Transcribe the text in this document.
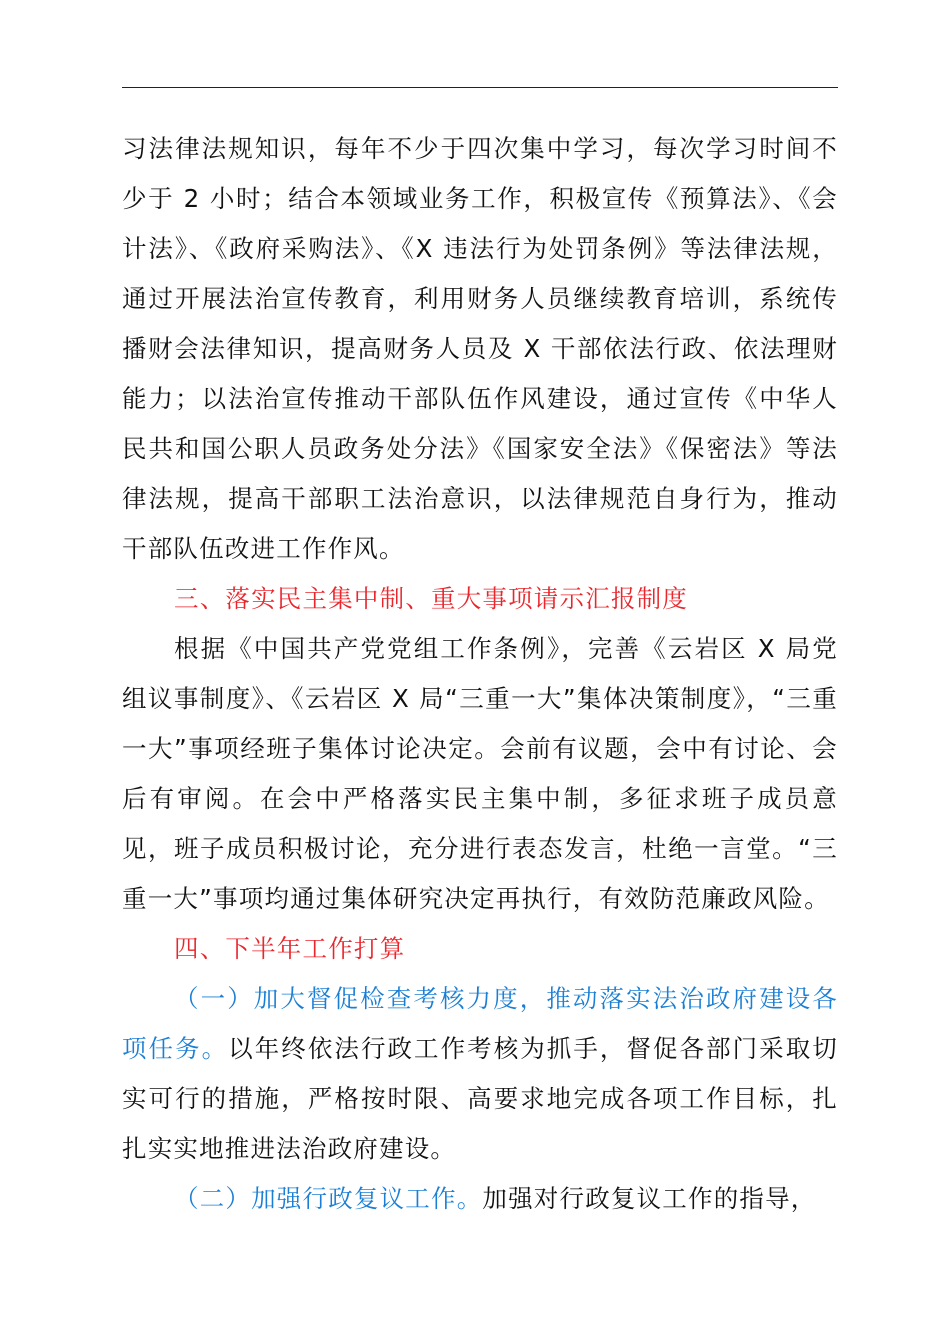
习法律法规知识，每年不少于四次集中学习，每次学习时间不少于 2 小时；结合本领域业务工作，积极宣传《预算法》、《会计法》、《政府采购法》、《X 违法行为处罚条例》等法律法规，通过开展法治宣传教育，利用财务人员继续教育培训，系统传播财会法律知识，提高财务人员及 X 干部依法行政、依法理财能力；以法治宣传推动干部队伍作风建设，通过宣传《中华人民共和国公职人员政务处分法》《国家安全法》《保密法》等法律法规，提高干部职工法治意识，以法律规范自身行为，推动干部队伍改进工作作风。

三、落实民主集中制、重大事项请示汇报制度

根据《中国共产党党组工作条例》，完善《云岩区 X 局党组议事制度》、《云岩区 X 局“三重一大”集体决策制度》，“三重一大”事项经班子集体讨论决定。会前有议题，会中有讨论、会后有审阅。在会中严格落实民主集中制，多征求班子成员意见，班子成员积极讨论，充分进行表态发言，杜绝一言堂。“三重一大”事项均通过集体研究决定再执行，有效防范廉政风险。

四、下半年工作打算

（一）加大督促检查考核力度，推动落实法治政府建设各项任务。以年终依法行政工作考核为抓手，督促各部门采取切实可行的措施，严格按时限、高要求地完成各项工作目标，扎扎实实地推进法治政府建设。

（二）加强行政复议工作。加强对行政复议工作的指导，
